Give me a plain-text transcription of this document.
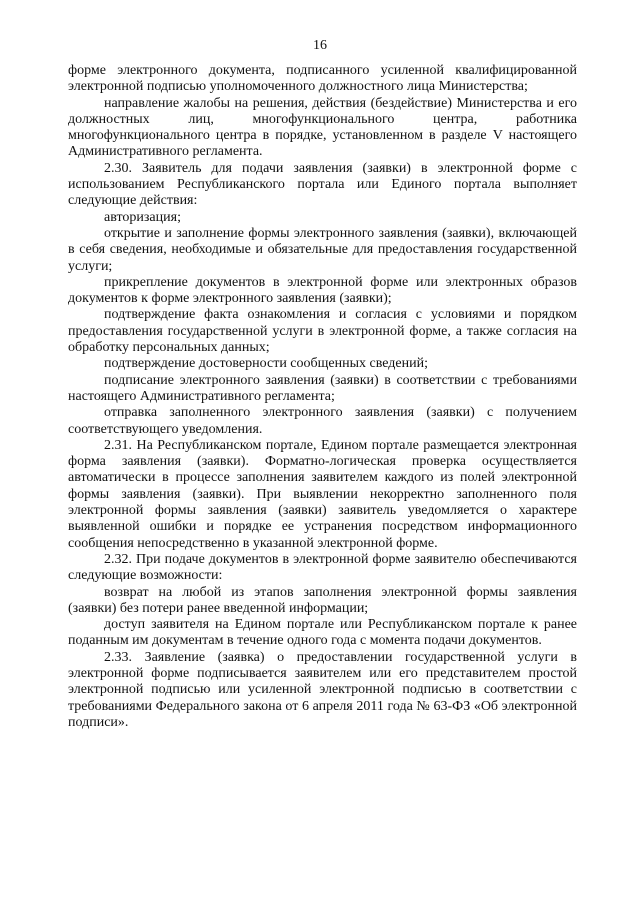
16

форме электронного документа, подписанного усиленной квалифицированной электронной подписью уполномоченного должностного лица Министерства;

направление жалобы на решения, действия (бездействие) Министерства и его должностных лиц, многофункционального центра, работника многофункционального центра в порядке, установленном в разделе V настоящего Административного регламента.

2.30. Заявитель для подачи заявления (заявки) в электронной форме с использованием Республиканского портала или Единого портала выполняет следующие действия:

авторизация;

открытие и заполнение формы электронного заявления (заявки), включающей в себя сведения, необходимые и обязательные для предоставления государственной услуги;

прикрепление документов в электронной форме или электронных образов документов к форме электронного заявления (заявки);

подтверждение факта ознакомления и согласия с условиями и порядком предоставления государственной услуги в электронной форме, а также согласия на обработку персональных данных;

подтверждение достоверности сообщенных сведений;

подписание электронного заявления (заявки) в соответствии с требованиями настоящего Административного регламента;

отправка заполненного электронного заявления (заявки) с получением соответствующего уведомления.

2.31. На Республиканском портале, Едином портале размещается электронная форма заявления (заявки). Форматно-логическая проверка осуществляется автоматически в процессе заполнения заявителем каждого из полей электронной формы заявления (заявки). При выявлении некорректно заполненного поля электронной формы заявления (заявки) заявитель уведомляется о характере выявленной ошибки и порядке ее устранения посредством информационного сообщения непосредственно в указанной электронной форме.

2.32. При подаче документов в электронной форме заявителю обеспечиваются следующие возможности:

возврат на любой из этапов заполнения электронной формы заявления (заявки) без потери ранее введенной информации;

доступ заявителя на Едином портале или Республиканском портале к ранее поданным им документам в течение одного года с момента подачи документов.

2.33. Заявление (заявка) о предоставлении государственной услуги в электронной форме подписывается заявителем или его представителем простой электронной подписью или усиленной электронной подписью в соответствии с требованиями Федерального закона от 6 апреля 2011 года № 63-ФЗ «Об электронной подписи».
